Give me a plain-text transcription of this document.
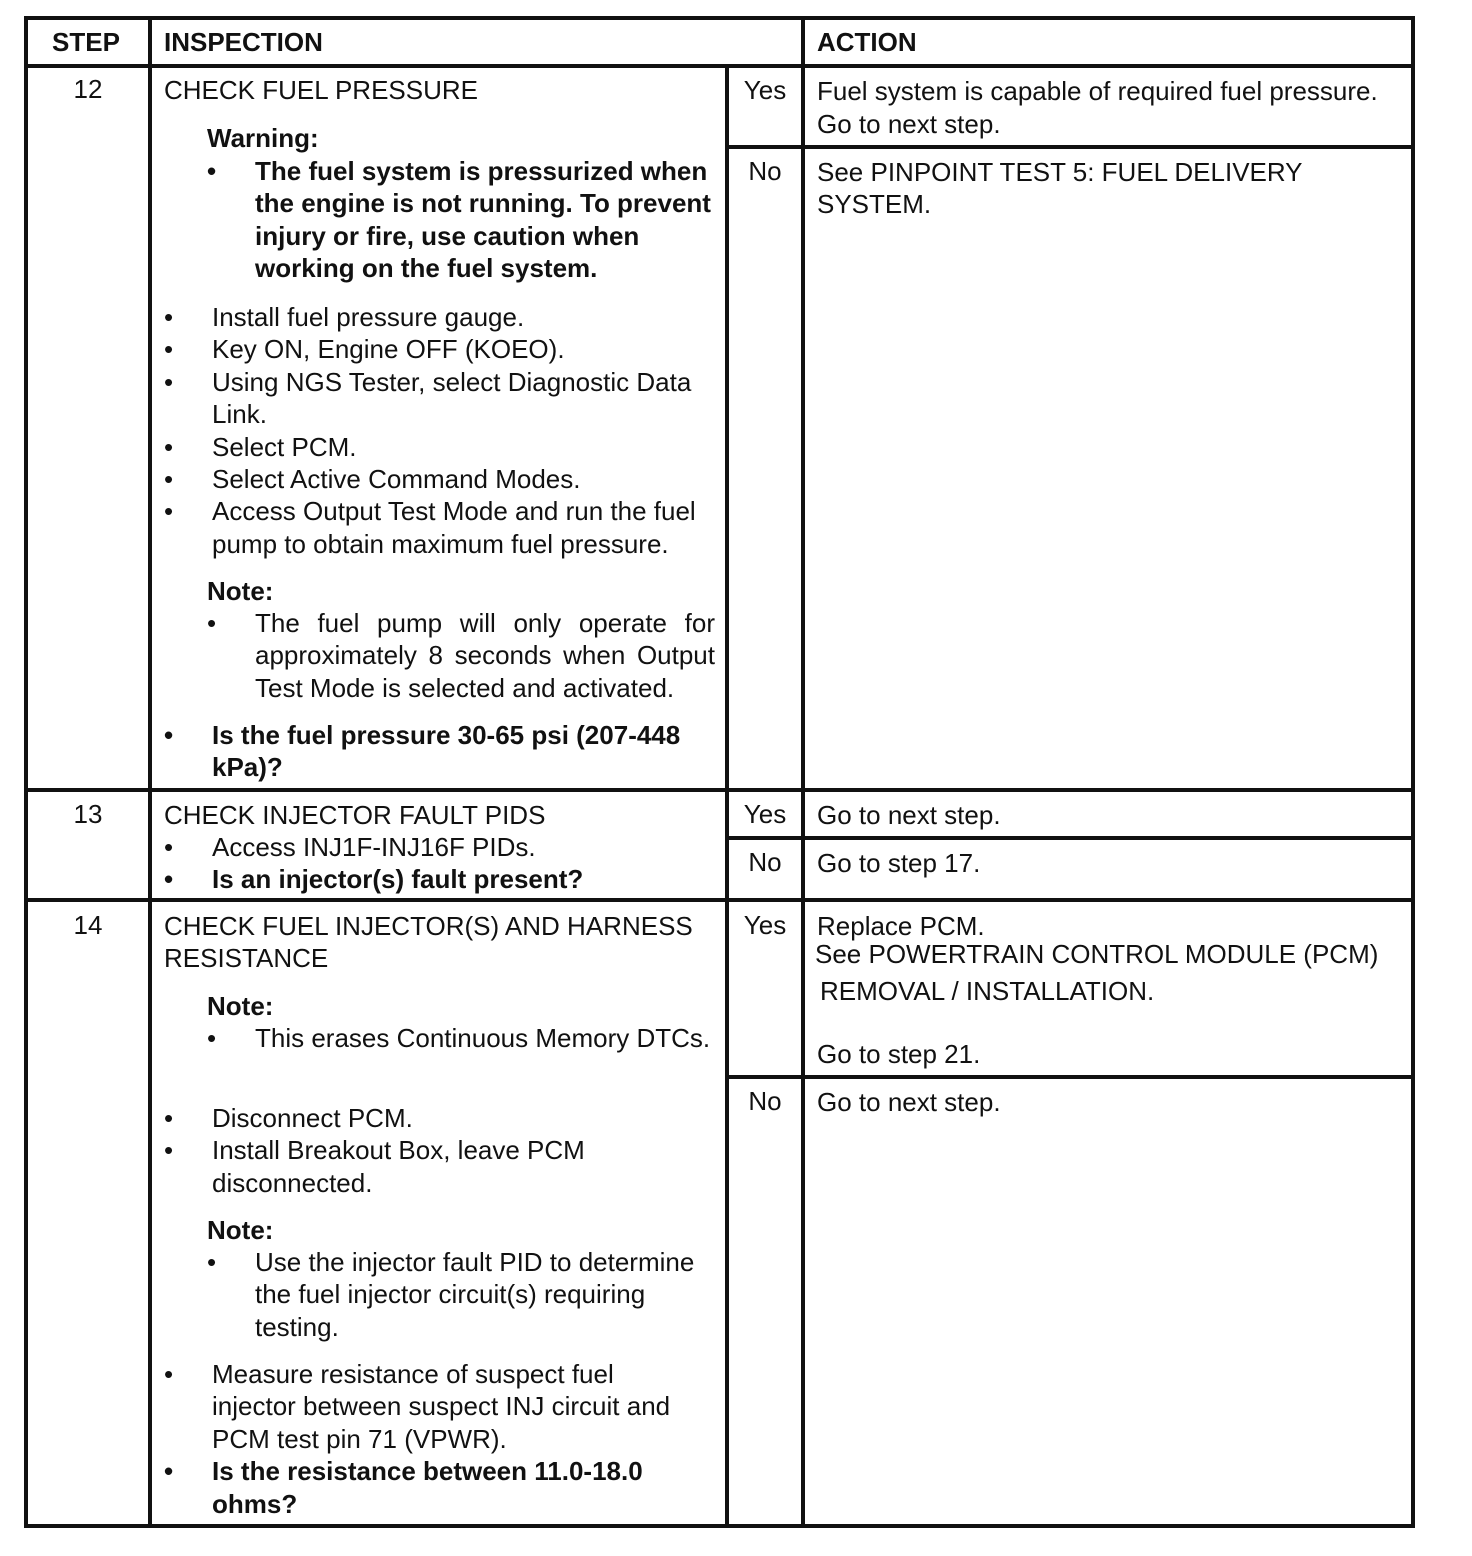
STEP INSPECTION	ACTION
12	CHECK FUEL PRESSURE
Warning:
• The fuel system is pressurized when the engine is not running. To prevent injury or fire, use caution when working on the fuel system.
• Install fuel pressure gauge.
• Key ON, Engine OFF (KOEO).
• Using NGS Tester, select Diagnostic Data Link.
• Select PCM.
• Select Active Command Modes.
• Access Output Test Mode and run the fuel pump to obtain maximum fuel pressure.
Note:
• The fuel pump will only operate for approximately 8 seconds when Output Test Mode is selected and activated.
• Is the fuel pressure 30-65 psi (207-448 kPa)?
Yes	Fuel system is capable of required fuel pressure.
Go to next step.
No	See PINPOINT TEST 5: FUEL DELIVERY
SYSTEM.
13	CHECK INJECTOR FAULT PIDS
• Access INJ1F-INJ16F PIDs.
• Is an injector(s) fault present?
Yes	Go to next step.
No	Go to step 17.
14	CHECK FUEL INJECTOR(S) AND HARNESS RESISTANCE
Note:
• This erases Continuous Memory DTCs.
• Disconnect PCM.
• Install Breakout Box, leave PCM disconnected.
Note:
• Use the injector fault PID to determine the fuel injector circuit(s) requiring testing.
• Measure resistance of suspect fuel injector between suspect INJ circuit and PCM test pin 71 (VPWR).
• Is the resistance between 11.0-18.0 ohms?
Yes	Replace PCM.
See POWERTRAIN CONTROL MODULE (PCM)
REMOVAL / INSTALLATION.
Go to step 21.
No	Go to next step.
